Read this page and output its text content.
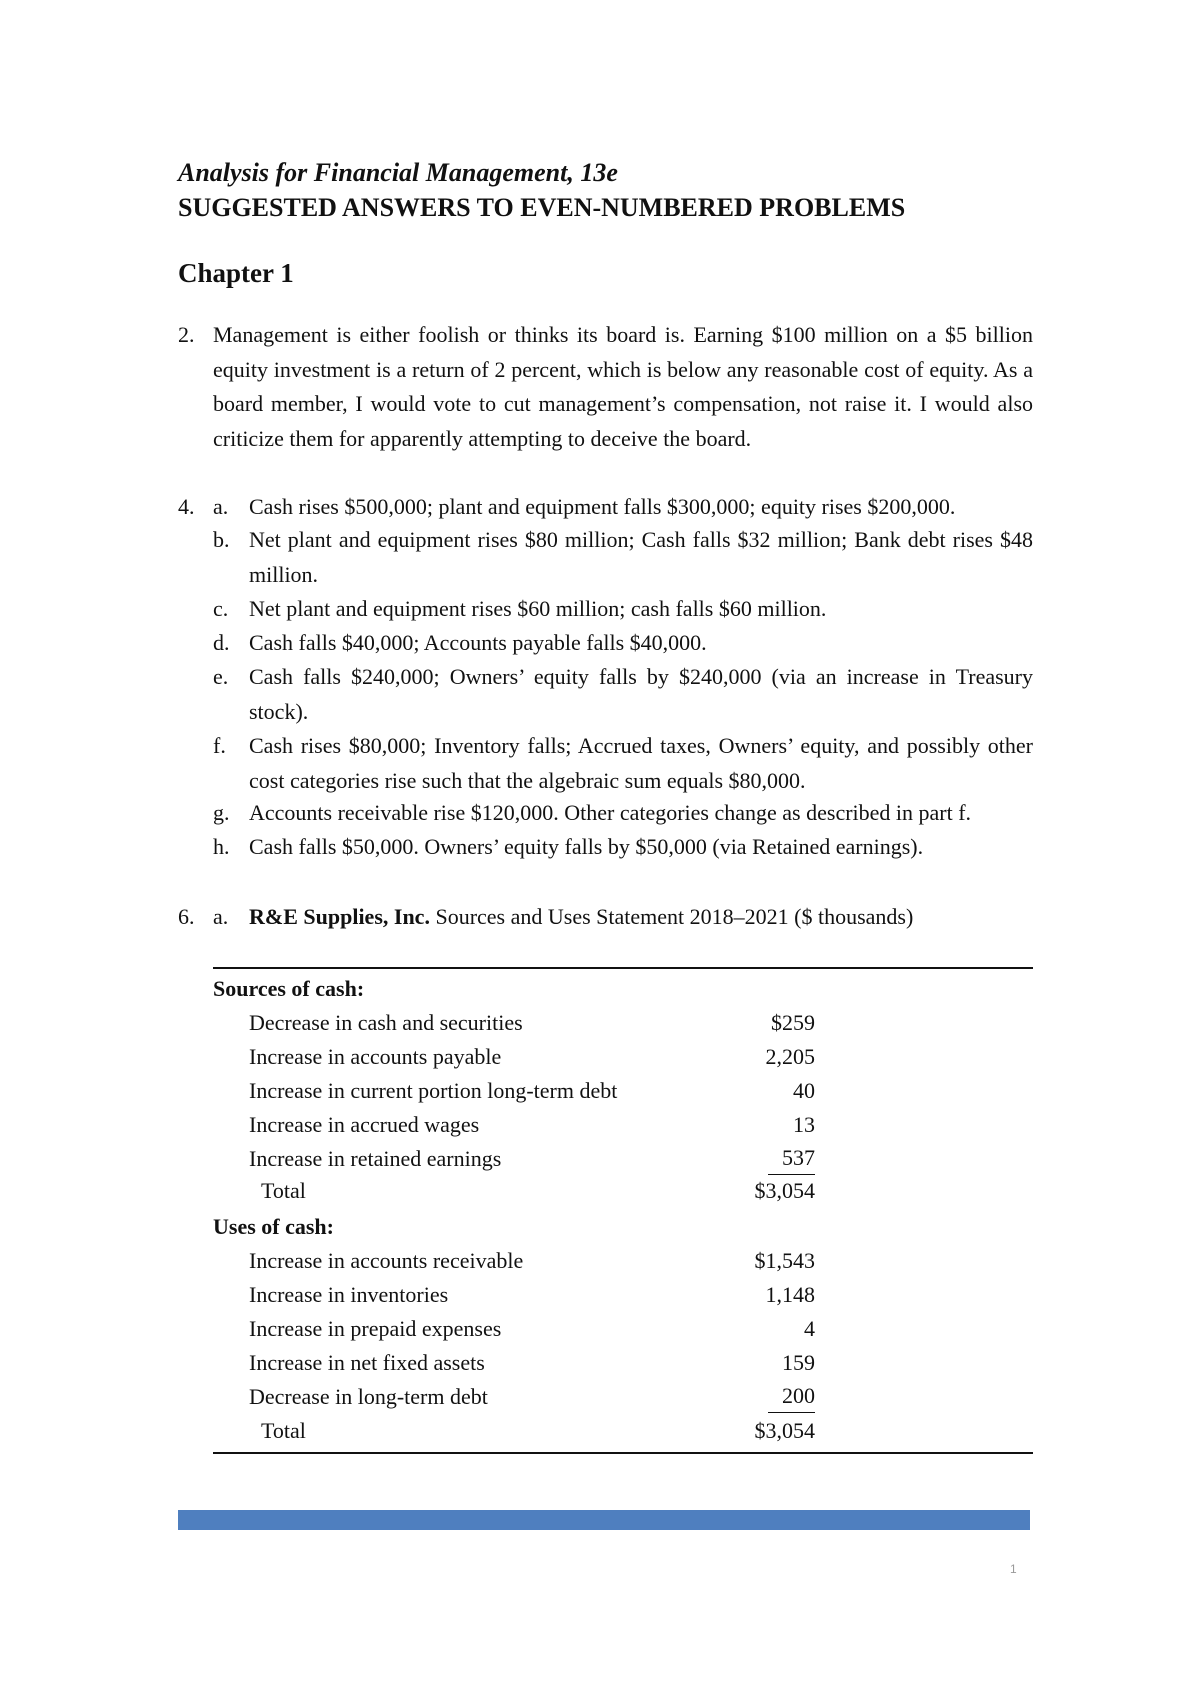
Analysis for Financial Management, 13e
SUGGESTED ANSWERS TO EVEN-NUMBERED PROBLEMS
Chapter 1
2. Management is either foolish or thinks its board is. Earning $100 million on a $5 billion equity investment is a return of 2 percent, which is below any reasonable cost of equity. As a board member, I would vote to cut management’s compensation, not raise it. I would also criticize them for apparently attempting to deceive the board.
4. a. Cash rises $500,000; plant and equipment falls $300,000; equity rises $200,000.
b. Net plant and equipment rises $80 million; Cash falls $32 million; Bank debt rises $48 million.
c. Net plant and equipment rises $60 million; cash falls $60 million.
d. Cash falls $40,000; Accounts payable falls $40,000.
e. Cash falls $240,000; Owners’ equity falls by $240,000 (via an increase in Treasury stock).
f. Cash rises $80,000; Inventory falls; Accrued taxes, Owners’ equity, and possibly other cost categories rise such that the algebraic sum equals $80,000.
g. Accounts receivable rise $120,000. Other categories change as described in part f.
h. Cash falls $50,000. Owners’ equity falls by $50,000 (via Retained earnings).
6. a. R&E Supplies, Inc. Sources and Uses Statement 2018–2021 ($ thousands)
Sources of cash:
Decrease in cash and securities	$259
Increase in accounts payable	2,205
Increase in current portion long-term debt	40
Increase in accrued wages	13
Increase in retained earnings	537
Total	$3,054
Uses of cash:
Increase in accounts receivable	$1,543
Increase in inventories	1,148
Increase in prepaid expenses	4
Increase in net fixed assets	159
Decrease in long-term debt	200
Total	$3,054
1
